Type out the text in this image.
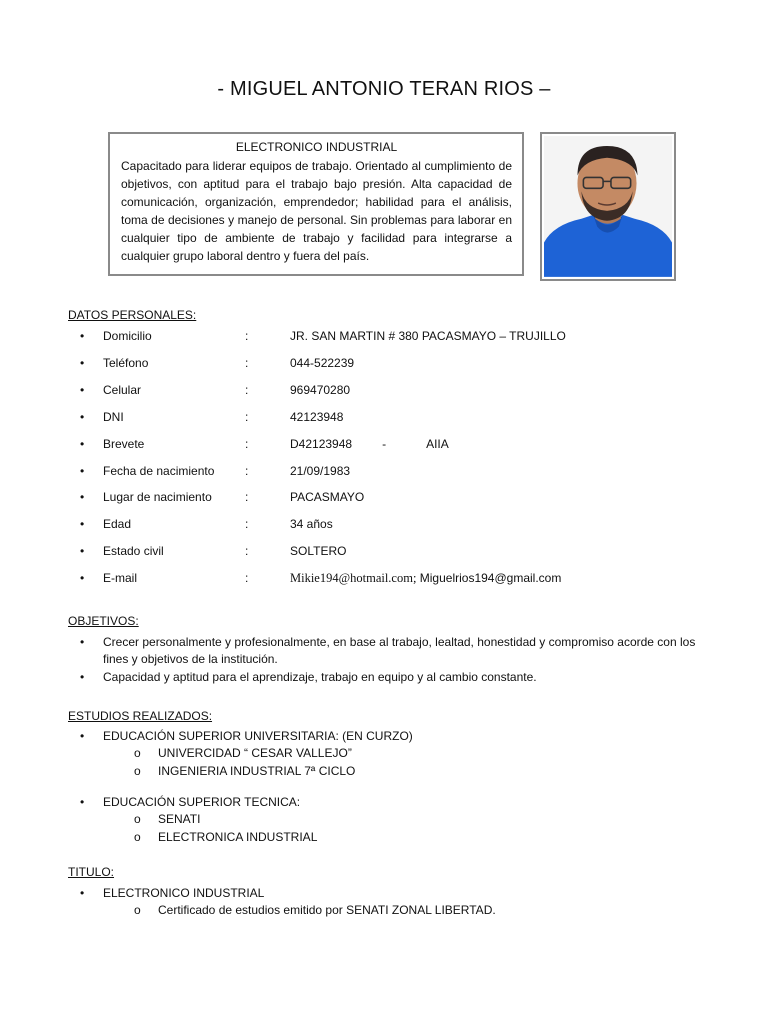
- MIGUEL ANTONIO TERAN RIOS –
ELECTRONICO INDUSTRIAL

Capacitado para liderar equipos de trabajo. Orientado al cumplimiento de objetivos, con aptitud para el trabajo bajo presión. Alta capacidad de comunicación, organización, emprendedor; habilidad para el análisis, toma de decisiones y manejo de personal. Sin problemas para laborar en cualquier tipo de ambiente de trabajo y facilidad para integrarse a cualquier grupo laboral dentro y fuera del país.

DATOS PERSONALES:
• Domicilio	:	JR. SAN MARTIN # 380 PACASMAYO – TRUJILLO
• Teléfono	:	044-522239
• Celular	:	969470280
• DNI	:	42123948
• Brevete	:	D42123948	-	AIIA
• Fecha de nacimiento	:	21/09/1983
• Lugar de nacimiento	:	PACASMAYO
• Edad	:	34 años
• Estado civil	:	SOLTERO
• E-mail	:	Mikie194@hotmail.com; Miguelrios194@gmail.com
OBJETIVOS:
• Crecer personalmente y profesionalmente, en base al trabajo, lealtad, honestidad y compromiso acorde con los fines y objetivos de la institución.
• Capacidad y aptitud para el aprendizaje, trabajo en equipo y al cambio constante.
ESTUDIOS REALIZADOS:
• EDUCACIÓN SUPERIOR UNIVERSITARIA: (EN CURZO)
o UNIVERCIDAD “ CESAR VALLEJO”
o INGENIERIA INDUSTRIAL 7ª CICLO
• EDUCACIÓN SUPERIOR TECNICA:
o SENATI
o ELECTRONICA INDUSTRIAL
TITULO:
• ELECTRONICO INDUSTRIAL
o Certificado de estudios emitido por SENATI ZONAL LIBERTAD.
